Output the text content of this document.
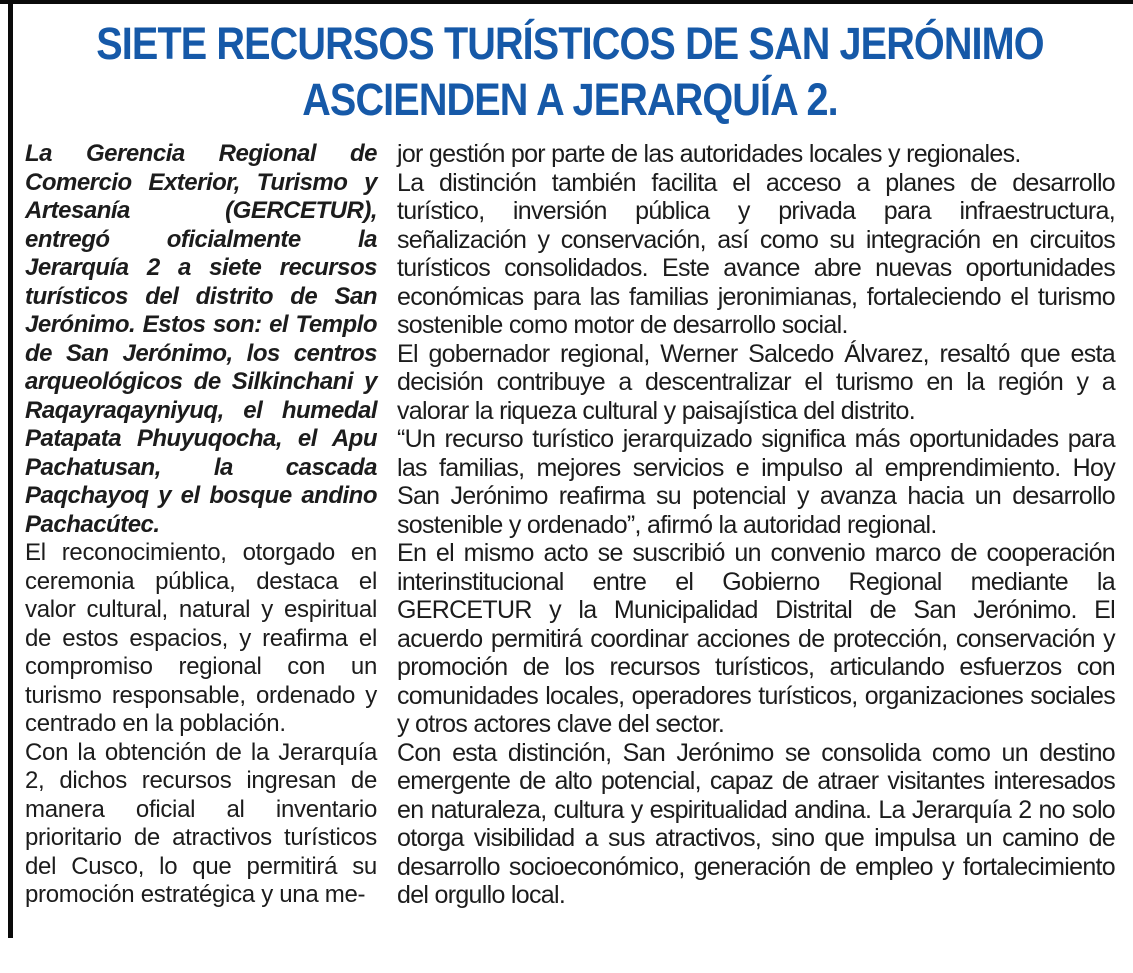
SIETE RECURSOS TURÍSTICOS DE SAN JERÓNIMO
ASCIENDEN A JERARQUÍA 2.

La Gerencia Regional de Comercio Exterior, Turismo y Artesanía (GERCETUR), entregó oficialmente la Jerarquía 2 a siete recursos turísticos del distrito de San Jerónimo. Estos son: el Templo de San Jerónimo, los centros arqueológicos de Silkinchani y Raqayraqayniyuq, el humedal Patapata Phuyuqocha, el Apu Pachatusan, la cascada Paqchayoq y el bosque andino Pachacútec.

El reconocimiento, otorgado en ceremonia pública, destaca el valor cultural, natural y espiritual de estos espacios, y reafirma el compromiso regional con un turismo responsable, ordenado y centrado en la población.

Con la obtención de la Jerarquía 2, dichos recursos ingresan de manera oficial al inventario prioritario de atractivos turísticos del Cusco, lo que permitirá su promoción estratégica y una me-

jor gestión por parte de las autoridades locales y regionales.

La distinción también facilita el acceso a planes de desarrollo turístico, inversión pública y privada para infraestructura, señalización y conservación, así como su integración en circuitos turísticos consolidados. Este avance abre nuevas oportunidades económicas para las familias jeronimianas, fortaleciendo el turismo sostenible como motor de desarrollo social.

El gobernador regional, Werner Salcedo Álvarez, resaltó que esta decisión contribuye a descentralizar el turismo en la región y a valorar la riqueza cultural y paisajística del distrito.

“Un recurso turístico jerarquizado significa más oportunidades para las familias, mejores servicios e impulso al emprendimiento. Hoy San Jerónimo reafirma su potencial y avanza hacia un desarrollo sostenible y ordenado”, afirmó la autoridad regional.

En el mismo acto se suscribió un convenio marco de cooperación interinstitucional entre el Gobierno Regional mediante la GERCETUR y la Municipalidad Distrital de San Jerónimo. El acuerdo permitirá coordinar acciones de protección, conservación y promoción de los recursos turísticos, articulando esfuerzos con comunidades locales, operadores turísticos, organizaciones sociales y otros actores clave del sector.

Con esta distinción, San Jerónimo se consolida como un destino emergente de alto potencial, capaz de atraer visitantes interesados en naturaleza, cultura y espiritualidad andina. La Jerarquía 2 no solo otorga visibilidad a sus atractivos, sino que impulsa un camino de desarrollo socioeconómico, generación de empleo y fortalecimiento del orgullo local.
